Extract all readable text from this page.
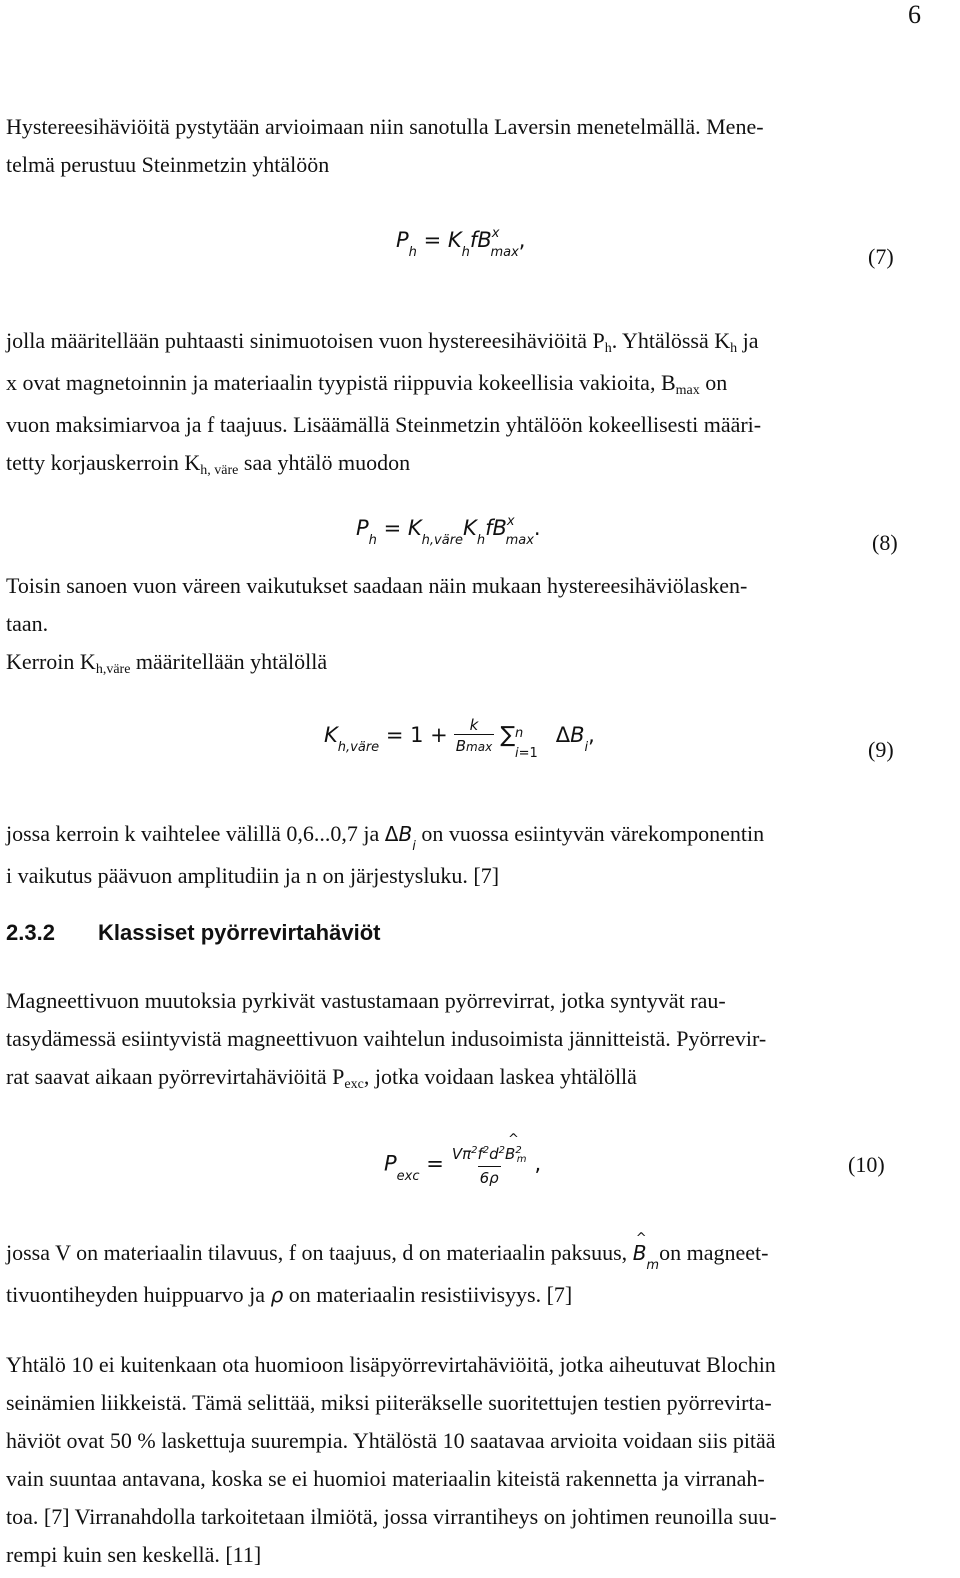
6
Hystereesihäviöitä pystytään arvioimaan niin sanotulla Laversin menetelmällä. Mene-
telmä perustuu Steinmetzin yhtälöön
$P_h = K_hfB^x_{max}$,
(7)
jolla määritellään puhtaasti sinimuotoisen vuon hystereesihäviöitä Ph. Yhtälössä Kh ja
x ovat magnetoinnin ja materiaalin tyypistä riippuvia kokeellisia vakioita, Bmax on
vuon maksimiarvoa ja f taajuus. Lisäämällä Steinmetzin yhtälöön kokeellisesti määri-
tetty korjauskerroin Kh, väre saa yhtälö muodon
$P_h = K_{h,väre}K_hfB^x_{max}$.
(8)
Toisin sanoen vuon väreen vaikutukset saadaan näin mukaan hystereesihäviölasken-
taan.
Kerroin Kh,väre määritellään yhtälöllä
$K_{h,väre} = 1 + \frac{k}{Bmax}$ ∑ n
i=1
$\Delta B_i$,
(9)
jossa kerroin k vaihtelee välillä 0,6...0,7 ja $\Delta B_i$ on vuossa esiintyvän värekomponentin
i vaikutus päävuon amplitudiin ja n on järjestysluku. [7]
2.3.2 Klassiset pyörrevirtahäviöt
Magneettivuon muutoksia pyrkivät vastustamaan pyörrevirrat, jotka syntyvät rau-
tasydämessä esiintyvistä magneettivuon vaihtelun indusoimista jännitteistä. Pyörrevir-
rat saavat aikaan pyörrevirtahäviöitä Pexc, jotka voidaan laskea yhtälöllä
$P_{exc} = \frac{V\pi^2f^2d^2\^{} B^2_m}{6\rho}$ ,	(10)
jossa V on materiaalin tilavuus, f on taajuus, d on materiaalin paksuus, ^ $B_mon$ magneet-
tivuontiheyden huippuarvo ja ρ on materiaalin resistiivisyys. [7]
Yhtälö 10 ei kuitenkaan ota huomioon lisäpyörrevirtahäviöitä, jotka aiheutuvat Blochin
seinämien liikkeistä. Tämä selittää, miksi piiteräkselle suoritettujen testien pyörrevirta-
häviöt ovat 50 % laskettuja suurempia. Yhtälöstä 10 saatavaa arvioita voidaan siis pitää
vain suuntaa antavana, koska se ei huomioi materiaalin kiteistä rakennetta ja virranah-
toa. [7] Virranahdolla tarkoitetaan ilmiötä, jossa virrantiheys on johtimen reunoilla suu-
rempi kuin sen keskellä. [11]
